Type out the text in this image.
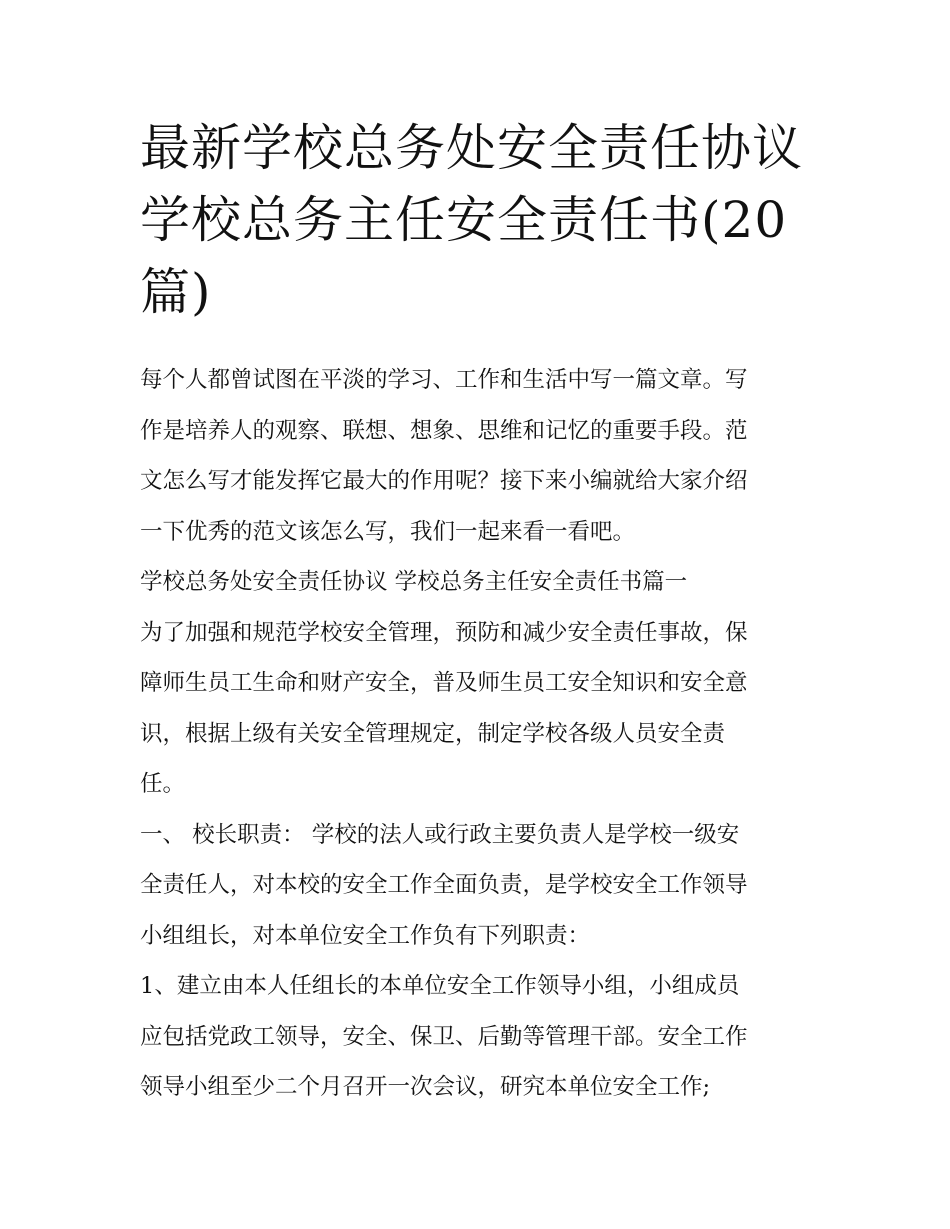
最新学校总务处安全责任协议
学校总务主任安全责任书(20
篇)

每个人都曾试图在平淡的学习、工作和生活中写一篇文章。写
作是培养人的观察、联想、想象、思维和记忆的重要手段。范
文怎么写才能发挥它最大的作用呢？接下来小编就给大家介绍
一下优秀的范文该怎么写，我们一起来看一看吧。

学校总务处安全责任协议 学校总务主任安全责任书篇一

为了加强和规范学校安全管理，预防和减少安全责任事故，保
障师生员工生命和财产安全，普及师生员工安全知识和安全意
识，根据上级有关安全管理规定，制定学校各级人员安全责
任。

一、 校长职责： 学校的法人或行政主要负责人是学校一级安
全责任人，对本校的安全工作全面负责，是学校安全工作领导
小组组长，对本单位安全工作负有下列职责：

1、建立由本人任组长的本单位安全工作领导小组，小组成员
应包括党政工领导，安全、保卫、后勤等管理干部。安全工作
领导小组至少二个月召开一次会议，研究本单位安全工作;
